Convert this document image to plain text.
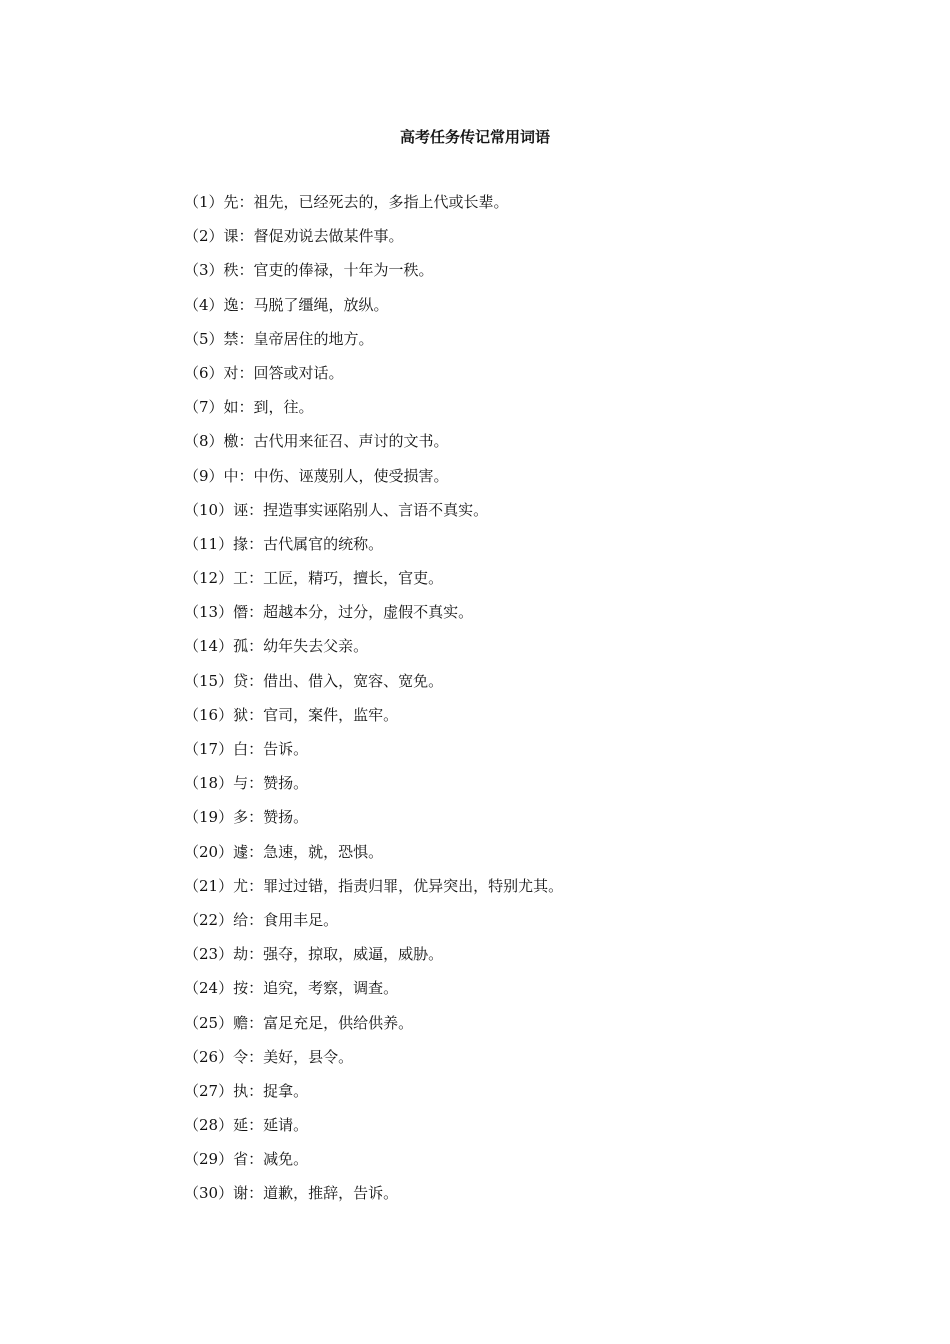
高考任务传记常用词语
（1）先：祖先，已经死去的，多指上代或长辈。
（2）课：督促劝说去做某件事。
（3）秩：官吏的俸禄，十年为一秩。
（4）逸：马脱了缰绳，放纵。
（5）禁：皇帝居住的地方。
（6）对：回答或对话。
（7）如：到，往。
（8）檄：古代用来征召、声讨的文书。
（9）中：中伤、诬蔑别人，使受损害。
（10）诬：捏造事实诬陷别人、言语不真实。
（11）掾：古代属官的统称。
（12）工：工匠，精巧，擅长，官吏。
（13）僭：超越本分，过分，虚假不真实。
（14）孤：幼年失去父亲。
（15）贷：借出、借入，宽容、宽免。
（16）狱：官司，案件，监牢。
（17）白：告诉。
（18）与：赞扬。
（19）多：赞扬。
（20）遽：急速，就，恐惧。
（21）尤：罪过过错，指责归罪，优异突出，特别尤其。
（22）给：食用丰足。
（23）劫：强夺，掠取，威逼，威胁。
（24）按：追究，考察，调查。
（25）赡：富足充足，供给供养。
（26）令：美好，县令。
（27）执：捉拿。
（28）延：延请。
（29）省：减免。
（30）谢：道歉，推辞，告诉。
